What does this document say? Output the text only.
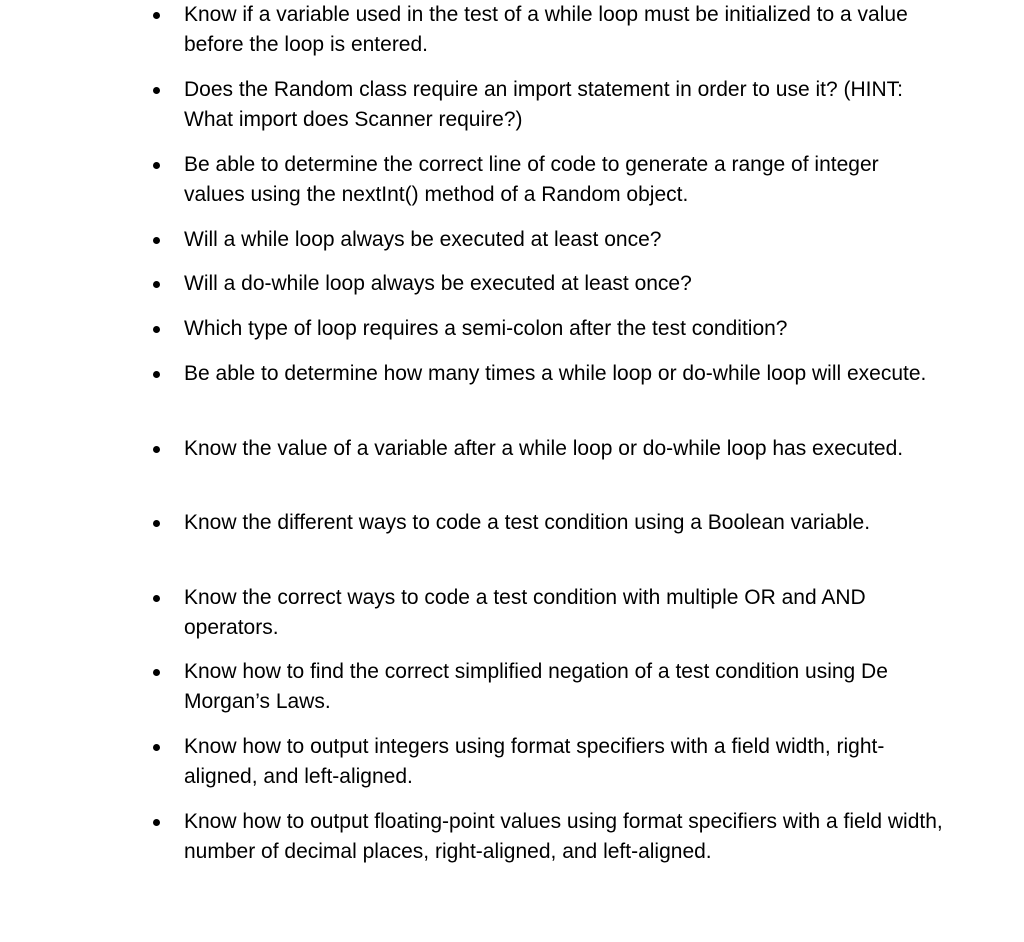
Know if a variable used in the test of a while loop must be initialized to a value before the loop is entered.
Does the Random class require an import statement in order to use it? (HINT: What import does Scanner require?)
Be able to determine the correct line of code to generate a range of integer values using the nextInt() method of a Random object.
Will a while loop always be executed at least once?
Will a do-while loop always be executed at least once?
Which type of loop requires a semi-colon after the test condition?
Be able to determine how many times a while loop or do-while loop will execute.
Know the value of a variable after a while loop or do-while loop has executed.
Know the different ways to code a test condition using a Boolean variable.
Know the correct ways to code a test condition with multiple OR and AND operators.
Know how to find the correct simplified negation of a test condition using De Morgan’s Laws.
Know how to output integers using format specifiers with a field width, right-aligned, and left-aligned.
Know how to output floating-point values using format specifiers with a field width, number of decimal places, right-aligned, and left-aligned.
